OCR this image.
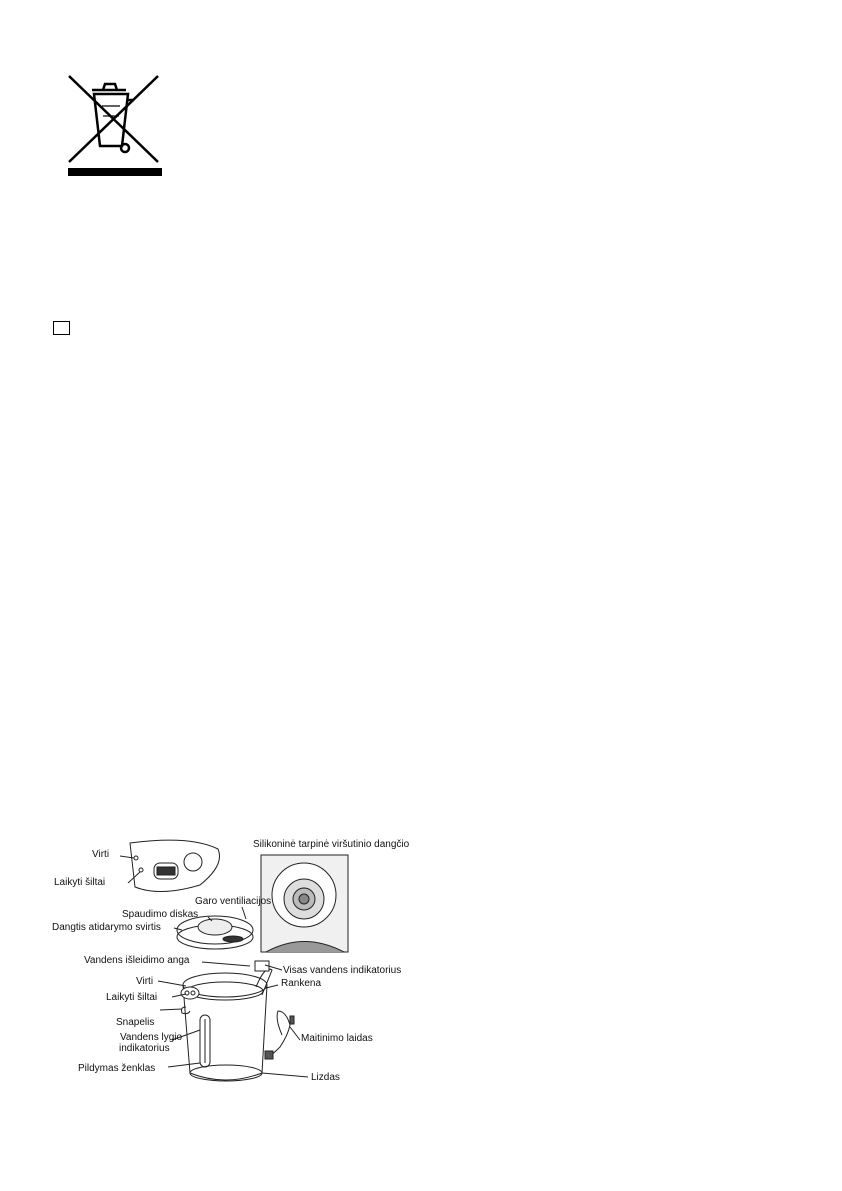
Virti
Laikyti šiltai
Silikoninė tarpinė viršutinio dangčio
Garo ventiliacijos
Spaudimo diskas
Dangtis atidarymo svirtis
Vandens išleidimo anga
Visas vandens indikatorius
Virti	Rankena
Laikyti šiltai
Snapelis
Maitinimo laidas
Vandens lygio
indikatorius
Pildymas ženklas
Lizdas
